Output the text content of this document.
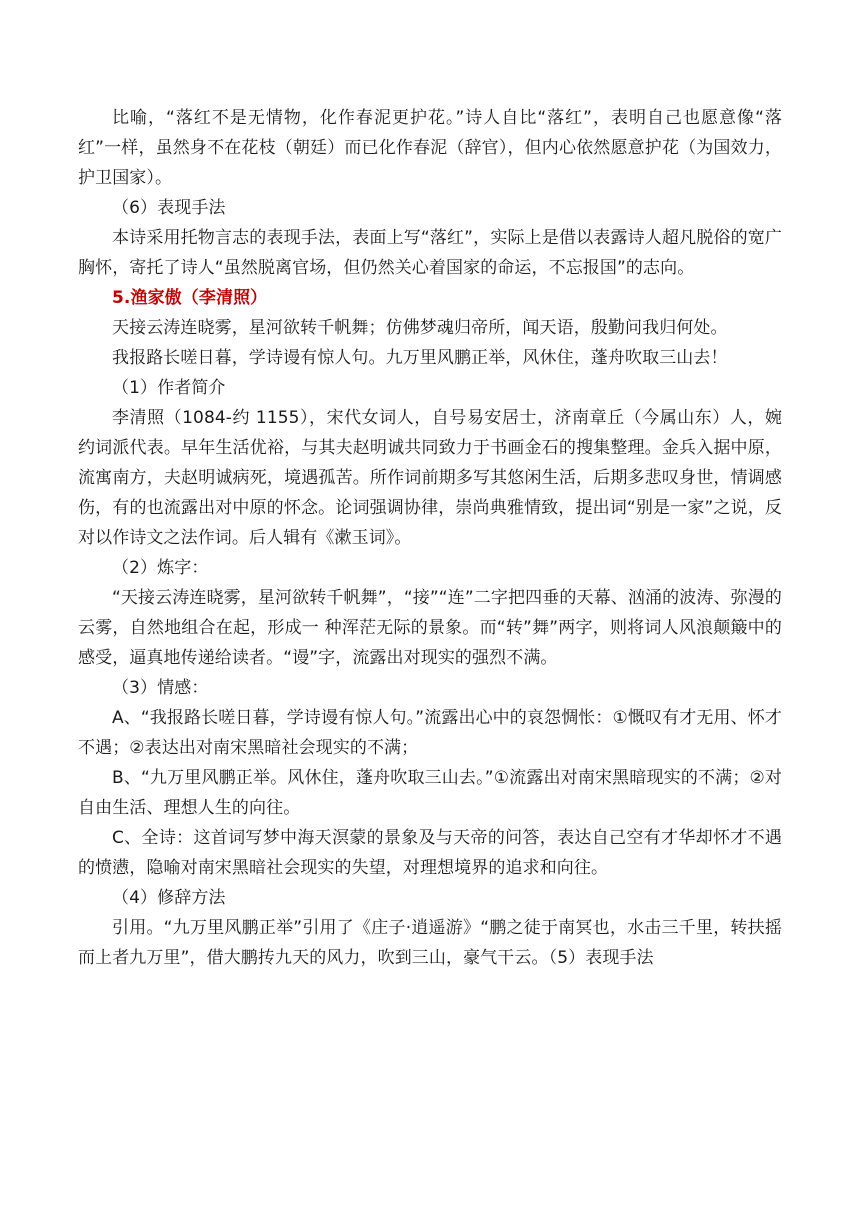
比喻，“落红不是无情物，化作春泥更护花。”诗人自比“落红”，表明自己也愿意像“落红”一样，虽然身不在花枝（朝廷）而已化作春泥（辞官），但内心依然愿意护花（为国效力，护卫国家）。

（6）表现手法

本诗采用托物言志的表现手法，表面上写“落红”，实际上是借以表露诗人超凡脱俗的宽广胸怀，寄托了诗人“虽然脱离官场，但仍然关心着国家的命运，不忘报国”的志向。

5.渔家傲（李清照）

天接云涛连晓雾，星河欲转千帆舞；仿佛梦魂归帝所，闻天语，殷勤问我归何处。

我报路长嗟日暮，学诗谩有惊人句。九万里风鹏正举，风休住，蓬舟吹取三山去！

（1）作者简介

李清照（1084-约 1155），宋代女词人，自号易安居士，济南章丘（今属山东）人，婉约词派代表。早年生活优裕，与其夫赵明诚共同致力于书画金石的搜集整理。金兵入据中原，流寓南方，夫赵明诚病死，境遇孤苦。所作词前期多写其悠闲生活，后期多悲叹身世，情调感伤，有的也流露出对中原的怀念。论词强调协律，崇尚典雅情致，提出词“别是一家”之说，反对以作诗文之法作词。后人辑有《漱玉词》。

（2）炼字：

“天接云涛连晓雾，星河欲转千帆舞”，“接”“连”二字把四垂的天幕、汹涌的波涛、弥漫的云雾，自然地组合在起，形成一 种浑茫无际的景象。而“转”舞”两字，则将词人风浪颠簸中的感受，逼真地传递给读者。“谩”字，流露出对现实的强烈不满。

（3）情感：

A、“我报路长嗟日暮，学诗谩有惊人句。”流露出心中的哀怨惆怅：①慨叹有才无用、怀才不遇；②表达出对南宋黑暗社会现实的不满；

B、“九万里风鹏正举。风休住，蓬舟吹取三山去。”①流露出对南宋黑暗现实的不满；②对自由生活、理想人生的向往。

C、全诗：这首词写梦中海天溟蒙的景象及与天帝的问答，表达自己空有才华却怀才不遇的愤懑，隐喻对南宋黑暗社会现实的失望，对理想境界的追求和向往。

（4）修辞方法

引用。“九万里风鹏正举”引用了《庄子·逍遥游》“鹏之徒于南冥也，水击三千里，转扶摇而上者九万里”，借大鹏抟九天的风力，吹到三山，豪气干云。（5）表现手法
